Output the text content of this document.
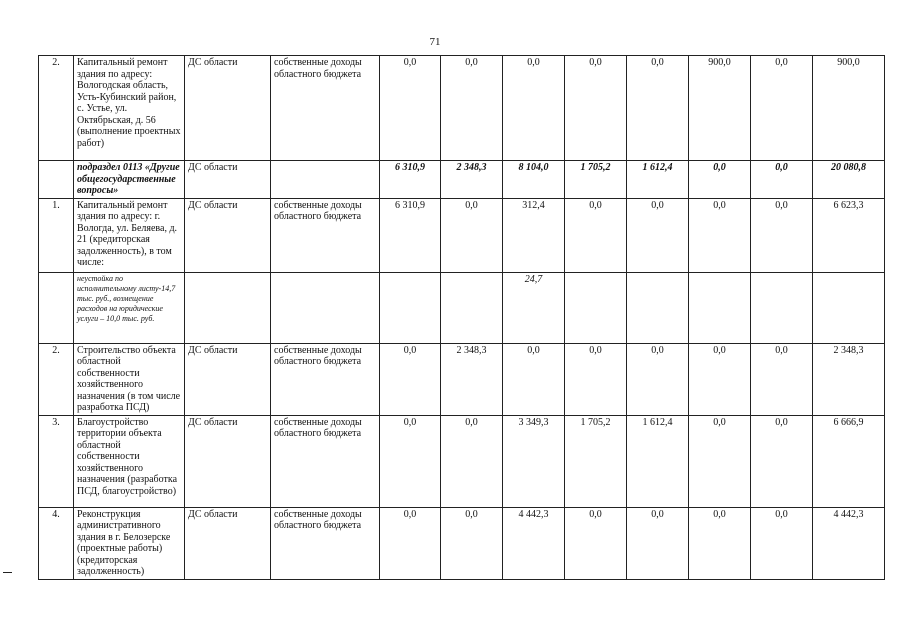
71
2.	Капитальный ремонт здания по адресу: Вологодская область, Усть-Кубинский район, с. Устье, ул. Октябрьская, д. 56 (выполнение проектных работ)	ДС области	собственные доходы областного бюджета	0,0	0,0	0,0	0,0	0,0	900,0	0,0	900,0
	подраздел 0113 «Другие общегосударственные вопросы»	ДС области		6 310,9	2 348,3	8 104,0	1 705,2	1 612,4	0,0	0,0	20 080,8
1.	Капитальный ремонт здания по адресу: г. Вологда, ул. Беляева, д. 21 (кредиторская задолженность), в том числе:	ДС области	собственные доходы областного бюджета	6 310,9	0,0	312,4	0,0	0,0	0,0	0,0	6 623,3
	неустойка по исполнительному листу-14,7 тыс. руб., возмещение расходов на юридические услуги – 10,0 тыс. руб.					24,7					
2.	Строительство объекта областной собственности хозяйственного назначения (в том числе разработка ПСД)	ДС области	собственные доходы областного бюджета	0,0	2 348,3	0,0	0,0	0,0	0,0	0,0	2 348,3
3.	Благоустройство территории объекта областной собственности хозяйственного назначения (разработка ПСД, благоустройство)	ДС области	собственные доходы областного бюджета	0,0	0,0	3 349,3	1 705,2	1 612,4	0,0	0,0	6 666,9
4.	Реконструкция административного здания в г. Белозерске (проектные работы) (кредиторская задолженность)	ДС области	собственные доходы областного бюджета	0,0	0,0	4 442,3	0,0	0,0	0,0	0,0	4 442,3
